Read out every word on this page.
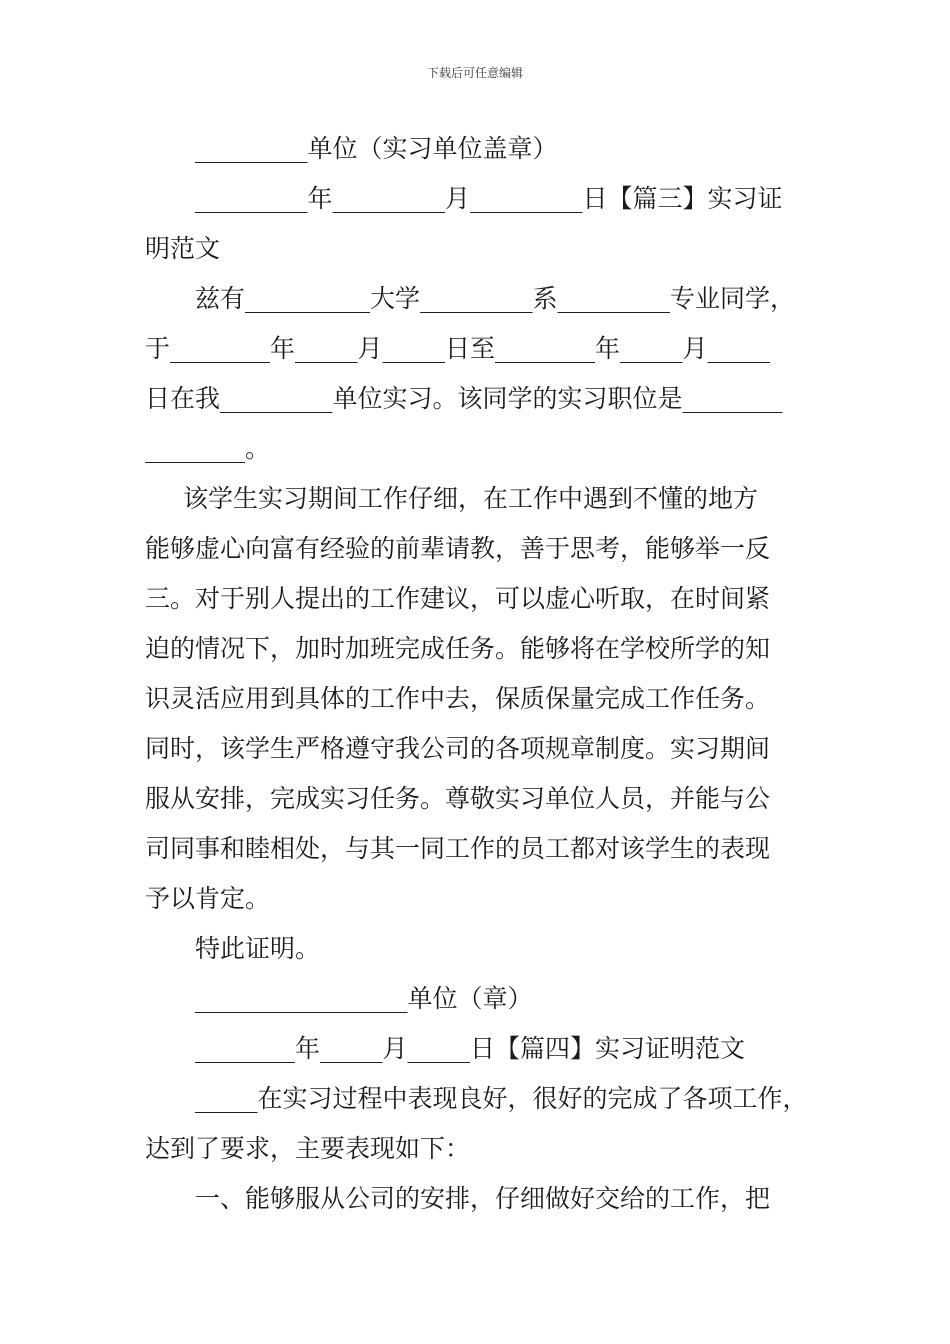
下载后可任意编辑
_________单位（实习单位盖章）
_________年_________月_________日【篇三】实习证
明范文
兹有__________大学_________系_________专业同学，
于________年_____月_____日至________年_____月_____
日在我_________单位实习。该同学的实习职位是________
________。
该学生实习期间工作仔细，在工作中遇到不懂的地方
能够虚心向富有经验的前辈请教，善于思考，能够举一反
三。对于别人提出的工作建议，可以虚心听取，在时间紧
迫的情况下，加时加班完成任务。能够将在学校所学的知
识灵活应用到具体的工作中去，保质保量完成工作任务。
同时，该学生严格遵守我公司的各项规章制度。实习期间
服从安排，完成实习任务。尊敬实习单位人员，并能与公
司同事和睦相处，与其一同工作的员工都对该学生的表现
予以肯定。
特此证明。
_________________单位（章）
________年_____月_____日【篇四】实习证明范文
_____在实习过程中表现良好，很好的完成了各项工作，
达到了要求，主要表现如下：
一、能够服从公司的安排，仔细做好交给的工作，把
